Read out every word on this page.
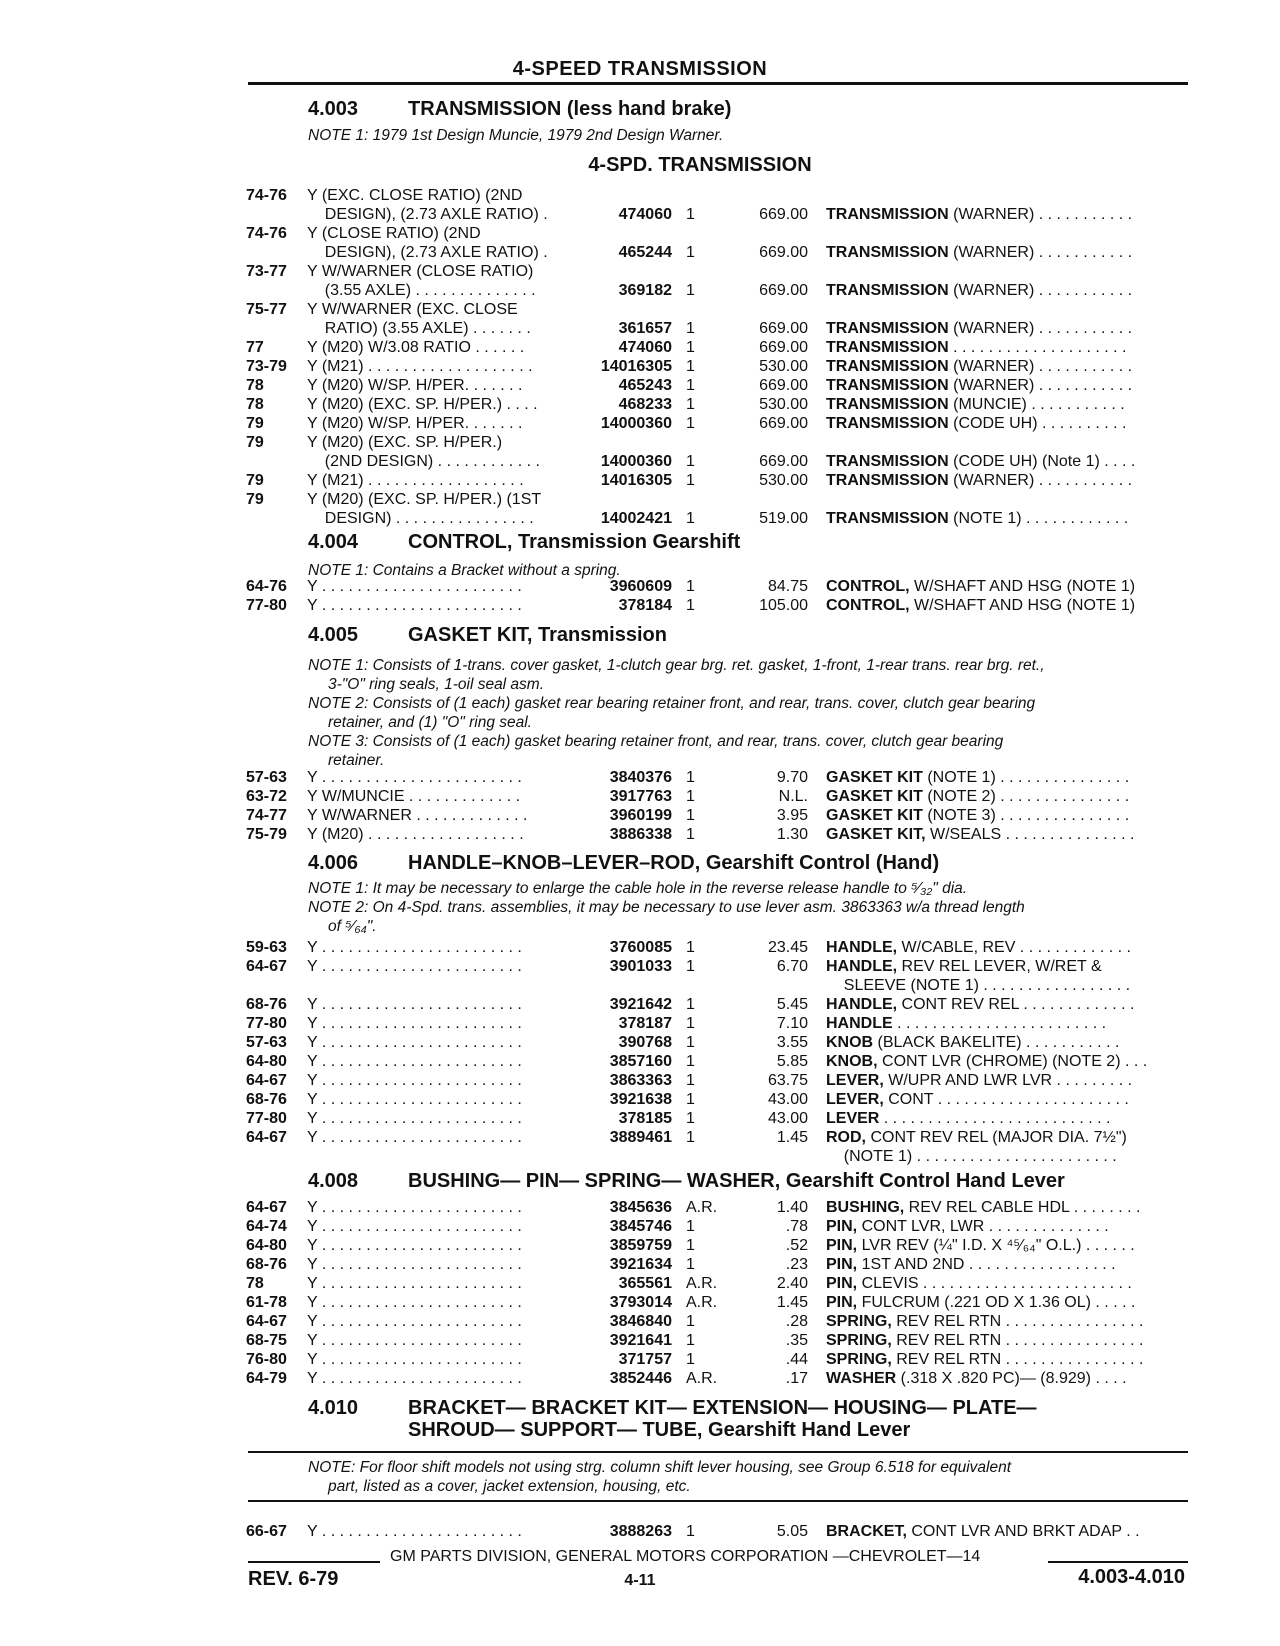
4-SPEED TRANSMISSION
4.003 TRANSMISSION (less hand brake)
NOTE 1: 1979 1st Design Muncie, 1979 2nd Design Warner.
4-SPD. TRANSMISSION
4.004 CONTROL, Transmission Gearshift
NOTE 1: Contains a Bracket without a spring.
4.005 GASKET KIT, Transmission
NOTE 1: Consists of 1-trans. cover gasket, 1-clutch gear brg. ret. gasket, 1-front, 1-rear trans. rear brg. ret.,
3-"O" ring seals, 1-oil seal asm.
NOTE 2: Consists of (1 each) gasket rear bearing retainer front, and rear, trans. cover, clutch gear bearing
retainer, and (1) "O" ring seal.
NOTE 3: Consists of (1 each) gasket bearing retainer front, and rear, trans. cover, clutch gear bearing
retainer.
4.006 HANDLE–KNOB–LEVER–ROD, Gearshift Control (Hand)
NOTE 1: It may be necessary to enlarge the cable hole in the reverse release handle to ⁵⁄₃₂" dia.
NOTE 2: On 4-Spd. trans. assemblies, it may be necessary to use lever asm. 3863363 w/a thread length
of ⁵⁄₆₄".
4.008 BUSHING— PIN— SPRING— WASHER, Gearshift Control Hand Lever
4.010 BRACKET— BRACKET KIT— EXTENSION— HOUSING— PLATE—
SHROUD— SUPPORT— TUBE, Gearshift Hand Lever
NOTE: For floor shift models not using strg. column shift lever housing, see Group 6.518 for equivalent
part, listed as a cover, jacket extension, housing, etc.
74-76 Y (EXC. CLOSE RATIO) (2ND
DESIGN), (2.73 AXLE RATIO) .	474060 1	669.00 TRANSMISSION (WARNER) . . . . . . . . . . .
74-76 Y (CLOSE RATIO) (2ND
DESIGN), (2.73 AXLE RATIO) .	465244 1	669.00 TRANSMISSION (WARNER) . . . . . . . . . . .
73-77 Y W/WARNER (CLOSE RATIO)
(3.55 AXLE) . . . . . . . . . . . . . .	369182 1	669.00 TRANSMISSION (WARNER) . . . . . . . . . . .
75-77 Y W/WARNER (EXC. CLOSE
RATIO) (3.55 AXLE) . . . . . . .	361657 1	669.00 TRANSMISSION (WARNER) . . . . . . . . . . .
77	Y (M20) W/3.08 RATIO . . . . . .	474060 1	669.00 TRANSMISSION . . . . . . . . . . . . . . . . . . . .
73-79 Y (M21) . . . . . . . . . . . . . . . . . . .	14016305 1	530.00 TRANSMISSION (WARNER) . . . . . . . . . . .
78	Y (M20) W/SP. H/PER. . . . . . .	465243 1	669.00 TRANSMISSION (WARNER) . . . . . . . . . . .
78	Y (M20) (EXC. SP. H/PER.) . . . .	468233 1	530.00 TRANSMISSION (MUNCIE) . . . . . . . . . . .
79	Y (M20) W/SP. H/PER. . . . . . .	14000360 1	669.00 TRANSMISSION (CODE UH) . . . . . . . . . .
79	Y (M20) (EXC. SP. H/PER.)
(2ND DESIGN) . . . . . . . . . . . .	14000360 1	669.00 TRANSMISSION (CODE UH) (Note 1) . . . .
79	Y (M21) . . . . . . . . . . . . . . . . . .	14016305 1	530.00 TRANSMISSION (WARNER) . . . . . . . . . . .
79	Y (M20) (EXC. SP. H/PER.) (1ST
DESIGN) . . . . . . . . . . . . . . . .	14002421 1	519.00 TRANSMISSION (NOTE 1) . . . . . . . . . . . .
64-76 Y . . . . . . . . . . . . . . . . . . . . . . .	3960609 1	84.75 CONTROL, W/SHAFT AND HSG (NOTE 1)
77-80 Y . . . . . . . . . . . . . . . . . . . . . . .	378184 1	105.00 CONTROL, W/SHAFT AND HSG (NOTE 1)
57-63 Y . . . . . . . . . . . . . . . . . . . . . . .	3840376 1	9.70 GASKET KIT (NOTE 1) . . . . . . . . . . . . . . .
63-72 Y W/MUNCIE . . . . . . . . . . . . .	3917763 1	N.L. GASKET KIT (NOTE 2) . . . . . . . . . . . . . . .
74-77 Y W/WARNER . . . . . . . . . . . . .	3960199 1	3.95 GASKET KIT (NOTE 3) . . . . . . . . . . . . . . .
75-79 Y (M20) . . . . . . . . . . . . . . . . . .	3886338 1	1.30 GASKET KIT, W/SEALS . . . . . . . . . . . . . . .
59-63 Y . . . . . . . . . . . . . . . . . . . . . . .	3760085 1	23.45 HANDLE, W/CABLE, REV . . . . . . . . . . . . .
64-67 Y . . . . . . . . . . . . . . . . . . . . . . .	3901033 1	6.70 HANDLE, REV REL LEVER, W/RET &
SLEEVE (NOTE 1) . . . . . . . . . . . . . . . . .
68-76 Y . . . . . . . . . . . . . . . . . . . . . . .	3921642 1	5.45 HANDLE, CONT REV REL . . . . . . . . . . . . .
77-80 Y . . . . . . . . . . . . . . . . . . . . . . .	378187 1	7.10 HANDLE . . . . . . . . . . . . . . . . . . . . . . . .
57-63 Y . . . . . . . . . . . . . . . . . . . . . . .	390768 1	3.55 KNOB (BLACK BAKELITE) . . . . . . . . . . .
64-80 Y . . . . . . . . . . . . . . . . . . . . . . .	3857160 1	5.85 KNOB, CONT LVR (CHROME) (NOTE 2) . . .
64-67 Y . . . . . . . . . . . . . . . . . . . . . . .	3863363 1	63.75 LEVER, W/UPR AND LWR LVR . . . . . . . . .
68-76 Y . . . . . . . . . . . . . . . . . . . . . . .	3921638 1	43.00 LEVER, CONT . . . . . . . . . . . . . . . . . . . . . .
77-80 Y . . . . . . . . . . . . . . . . . . . . . . .	378185 1	43.00 LEVER . . . . . . . . . . . . . . . . . . . . . . . . . .
64-67 Y . . . . . . . . . . . . . . . . . . . . . . .	3889461 1	1.45 ROD, CONT REV REL (MAJOR DIA. 7½")
(NOTE 1) . . . . . . . . . . . . . . . . . . . . . . .
64-67 Y . . . . . . . . . . . . . . . . . . . . . . .	3845636 A.R.	1.40 BUSHING, REV REL CABLE HDL . . . . . . . .
64-74 Y . . . . . . . . . . . . . . . . . . . . . . .	3845746 1	.78 PIN, CONT LVR, LWR . . . . . . . . . . . . . .
64-80 Y . . . . . . . . . . . . . . . . . . . . . . .	3859759 1	.52 PIN, LVR REV (¼" I.D. X ⁴⁵⁄₆₄" O.L.) . . . . . .
68-76 Y . . . . . . . . . . . . . . . . . . . . . . .	3921634 1	.23 PIN, 1ST AND 2ND . . . . . . . . . . . . . . . . .
78	Y . . . . . . . . . . . . . . . . . . . . . . .	365561 A.R.	2.40 PIN, CLEVIS . . . . . . . . . . . . . . . . . . . . . . . .
61-78 Y . . . . . . . . . . . . . . . . . . . . . . .	3793014 A.R.	1.45 PIN, FULCRUM (.221 OD X 1.36 OL) . . . . .
64-67 Y . . . . . . . . . . . . . . . . . . . . . . .	3846840 1	.28 SPRING, REV REL RTN . . . . . . . . . . . . . . . .
68-75 Y . . . . . . . . . . . . . . . . . . . . . . .	3921641 1	.35 SPRING, REV REL RTN . . . . . . . . . . . . . . . .
76-80 Y . . . . . . . . . . . . . . . . . . . . . . .	371757 1	.44 SPRING, REV REL RTN . . . . . . . . . . . . . . . .
64-79 Y . . . . . . . . . . . . . . . . . . . . . . .	3852446 A.R.	.17 WASHER (.318 X .820 PC)— (8.929) . . . .
66-67 Y . . . . . . . . . . . . . . . . . . . . . . .	3888263 1	5.05 BRACKET, CONT LVR AND BRKT ADAP . .
GM PARTS DIVISION, GENERAL MOTORS CORPORATION —CHEVROLET—14
REV. 6-79	4-11	4.003-4.010
